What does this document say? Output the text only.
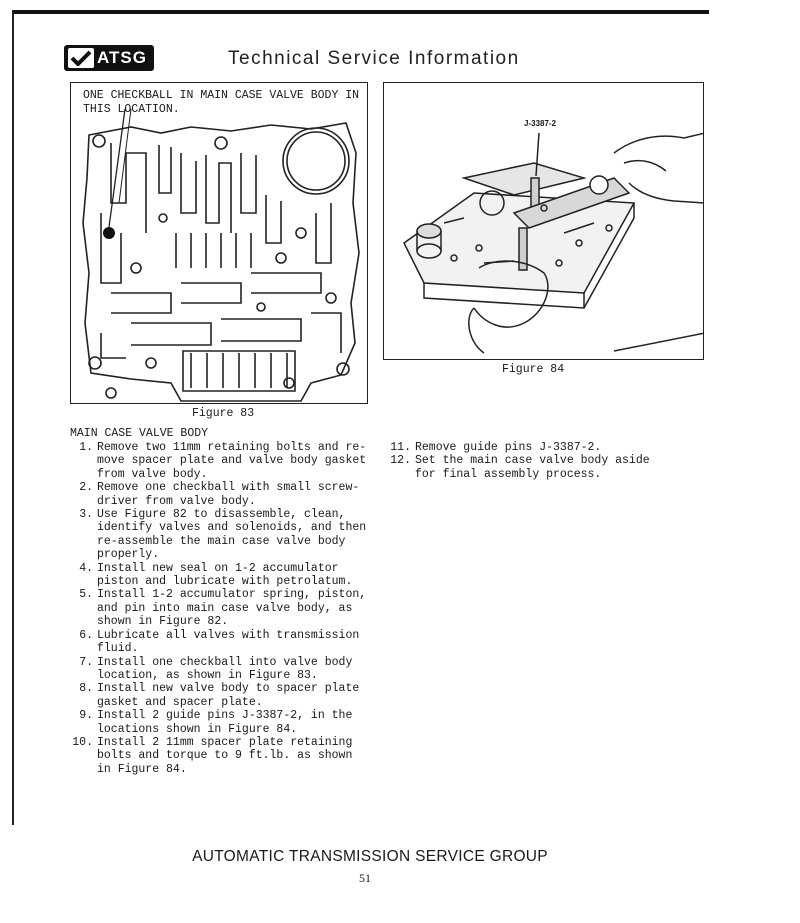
ATSG	Technical Service Information
ONE CHECKBALL IN MAIN CASE VALVE BODY IN
THIS LOCATION.
Figure 83
J-3387-2
Figure 84
MAIN CASE VALVE BODY
1. Remove two 11mm retaining bolts and re-
move spacer plate and valve body gasket
from valve body.
2. Remove one checkball with small screw-
driver from valve body.
3. Use Figure 82 to disassemble, clean,
identify valves and solenoids, and then
re-assemble the main case valve body
properly.
4. Install new seal on 1-2 accumulator
piston and lubricate with petrolatum.
5. Install 1-2 accumulator spring, piston,
and pin into main case valve body, as
shown in Figure 82.
6. Lubricate all valves with transmission
fluid.
7. Install one checkball into valve body
location, as shown in Figure 83.
8. Install new valve body to spacer plate
gasket and spacer plate.
9. Install 2 guide pins J-3387-2, in the
locations shown in Figure 84.
10. Install 2 11mm spacer plate retaining
bolts and torque to 9 ft.lb. as shown
in Figure 84.
11. Remove guide pins J-3387-2.
12. Set the main case valve body aside
for final assembly process.
AUTOMATIC TRANSMISSION SERVICE GROUP
51
